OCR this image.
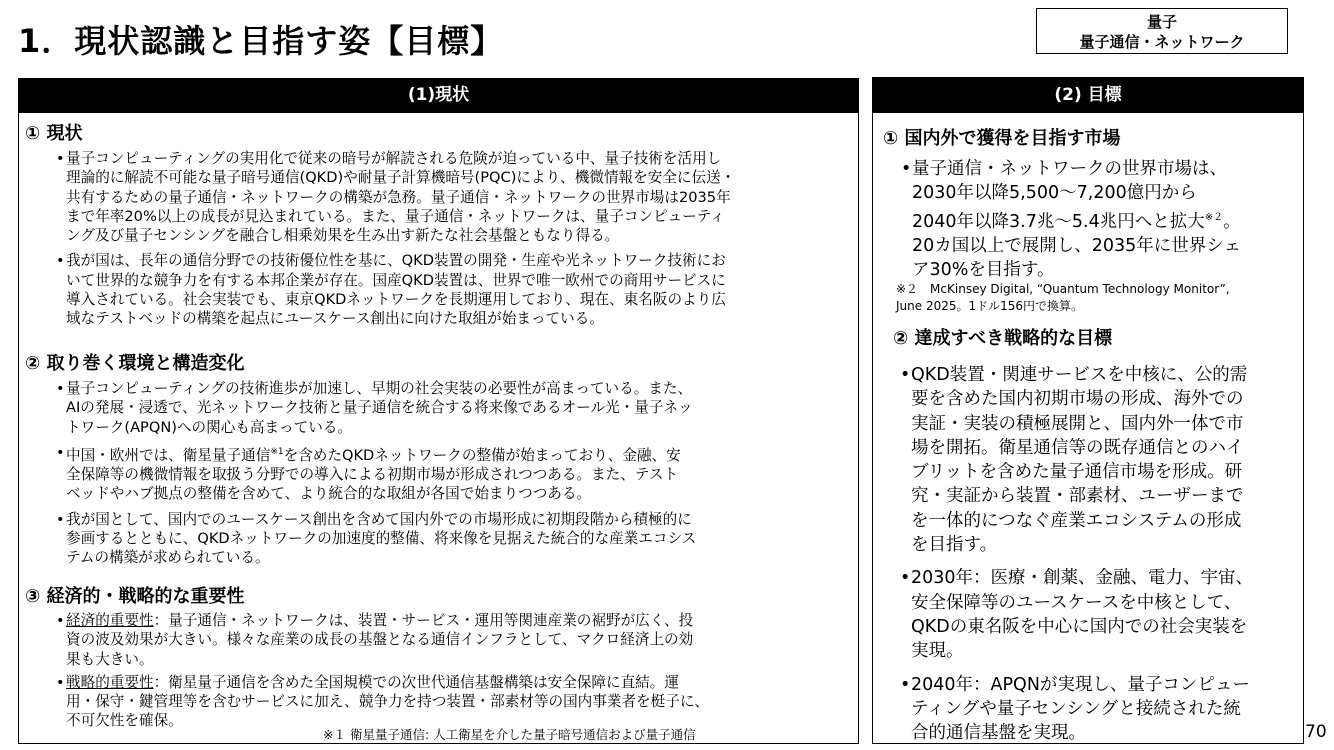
1．現状認識と目指す姿【目標】	量子
量子通信・ネットワーク
(1)現状
① 現状
• 量子コンピューティングの実用化で従来の暗号が解読される危険が迫っている中、量子技術を活用し
理論的に解読不可能な量子暗号通信(QKD)や耐量子計算機暗号(PQC)により、機微情報を安全に伝送・
共有するための量子通信・ネットワークの構築が急務。量子通信・ネットワークの世界市場は2035年
まで年率20%以上の成長が見込まれている。また、量子通信・ネットワークは、量子コンピューティ
ング及び量子センシングを融合し相乗効果を生み出す新たな社会基盤ともなり得る。
• 我が国は、長年の通信分野での技術優位性を基に、QKD装置の開発・生産や光ネットワーク技術にお
いて世界的な競争力を有する本邦企業が存在。国産QKD装置は、世界で唯一欧州での商用サービスに
導入されている。社会実装でも、東京QKDネットワークを長期運用しており、現在、東名阪のより広
域なテストベッドの構築を起点にユースケース創出に向けた取組が始まっている。
② 取り巻く環境と構造変化
• 量子コンピューティングの技術進歩が加速し、早期の社会実装の必要性が高まっている。また、
AIの発展・浸透で、光ネットワーク技術と量子通信を統合する将来像であるオール光・量子ネッ
トワーク(APQN)への関心も高まっている。
• 中国・欧州では、衛星量子通信$^{※1}$を含めたQKDネットワークの整備が始まっており、金融、安
全保障等の機微情報を取扱う分野での導入による初期市場が形成されつつある。また、テスト
ベッドやハブ拠点の整備を含めて、より統合的な取組が各国で始まりつつある。
• 我が国として、国内でのユースケース創出を含めて国内外での市場形成に初期段階から積極的に
参画するとともに、QKDネットワークの加速度的整備、将来像を見据えた統合的な産業エコシス
テムの構築が求められている。
③ 経済的・戦略的な重要性
• 経済的重要性：量子通信・ネットワークは、装置・サービス・運用等関連産業の裾野が広く、投
資の波及効果が大きい。様々な産業の成長の基盤となる通信インフラとして、マクロ経済上の効
果も大きい。
• 戦略的重要性：衛星量子通信を含めた全国規模での次世代通信基盤構築は安全保障に直結。運
用・保守・鍵管理等を含むサービスに加え、競争力を持つ装置・部素材等の国内事業者を梃子に、
不可欠性を確保。
※１ 衛星量子通信: 人工衛星を介した量子暗号通信および量子通信
(2) 目標
① 国内外で獲得を目指す市場
• 量子通信・ネットワークの世界市場は、
2030年以降5,500～7,200億円から
2040年以降3.7兆～5.4兆円へと拡大$^{※2}$。
20カ国以上で展開し、2035年に世界シェ
ア30%を目指す。
※２　McKinsey Digital, “Quantum Technology Monitor”,
June 2025。1ドル156円で換算。
② 達成すべき戦略的な目標
• QKD装置・関連サービスを中核に、公的需
要を含めた国内初期市場の形成、海外での
実証・実装の積極展開と、国内外一体で市
場を開拓。衛星通信等の既存通信とのハイ
ブリットを含めた量子通信市場を形成。研
究・実証から装置・部素材、ユーザーまで
を一体的につなぐ産業エコシステムの形成
を目指す。
• 2030年：医療・創薬、金融、電力、宇宙、
安全保障等のユースケースを中核として、
QKDの東名阪を中心に国内での社会実装を
実現。
• 2040年：APQNが実現し、量子コンピュー
ティングや量子センシングと接続された統
合的通信基盤を実現。	70
